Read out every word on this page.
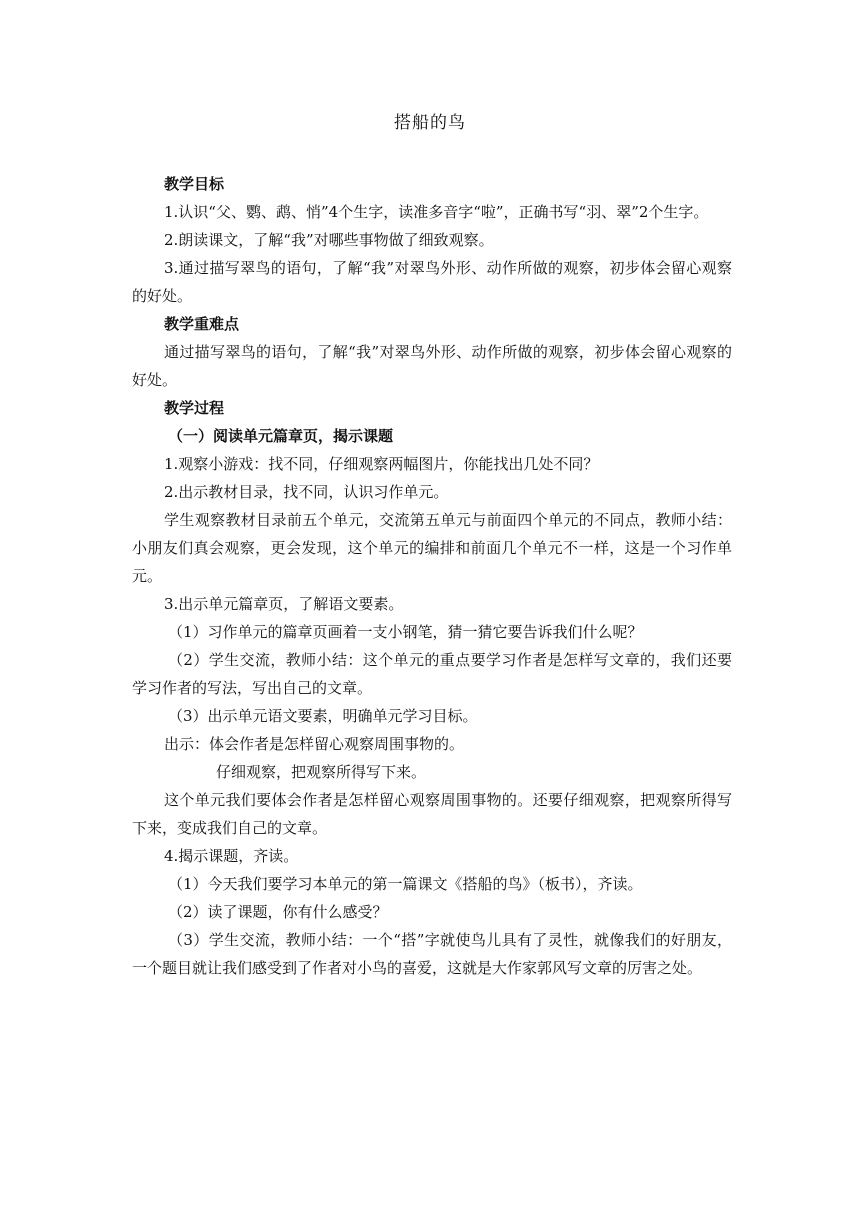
搭船的鸟

教学目标

1.认识“父、鹦、鹉、悄”4个生字，读准多音字“啦”，正确书写“羽、翠”2个生字。

2.朗读课文，了解“我”对哪些事物做了细致观察。

3.通过描写翠鸟的语句，了解“我”对翠鸟外形、动作所做的观察，初步体会留心观察的好处。

教学重难点

通过描写翠鸟的语句，了解“我”对翠鸟外形、动作所做的观察，初步体会留心观察的好处。

教学过程

（一）阅读单元篇章页，揭示课题

1.观察小游戏：找不同，仔细观察两幅图片，你能找出几处不同？

2.出示教材目录，找不同，认识习作单元。

学生观察教材目录前五个单元，交流第五单元与前面四个单元的不同点，教师小结：小朋友们真会观察，更会发现，这个单元的编排和前面几个单元不一样，这是一个习作单元。

3.出示单元篇章页，了解语文要素。

（1）习作单元的篇章页画着一支小钢笔，猜一猜它要告诉我们什么呢？

（2）学生交流，教师小结：这个单元的重点要学习作者是怎样写文章的，我们还要学习作者的写法，写出自己的文章。

（3）出示单元语文要素，明确单元学习目标。

出示：体会作者是怎样留心观察周围事物的。

仔细观察，把观察所得写下来。

这个单元我们要体会作者是怎样留心观察周围事物的。还要仔细观察，把观察所得写下来，变成我们自己的文章。

4.揭示课题，齐读。

（1）今天我们要学习本单元的第一篇课文《搭船的鸟》（板书），齐读。

（2）读了课题，你有什么感受？

（3）学生交流，教师小结：一个“搭”字就使鸟儿具有了灵性，就像我们的好朋友，一个题目就让我们感受到了作者对小鸟的喜爱，这就是大作家郭风写文章的厉害之处。
